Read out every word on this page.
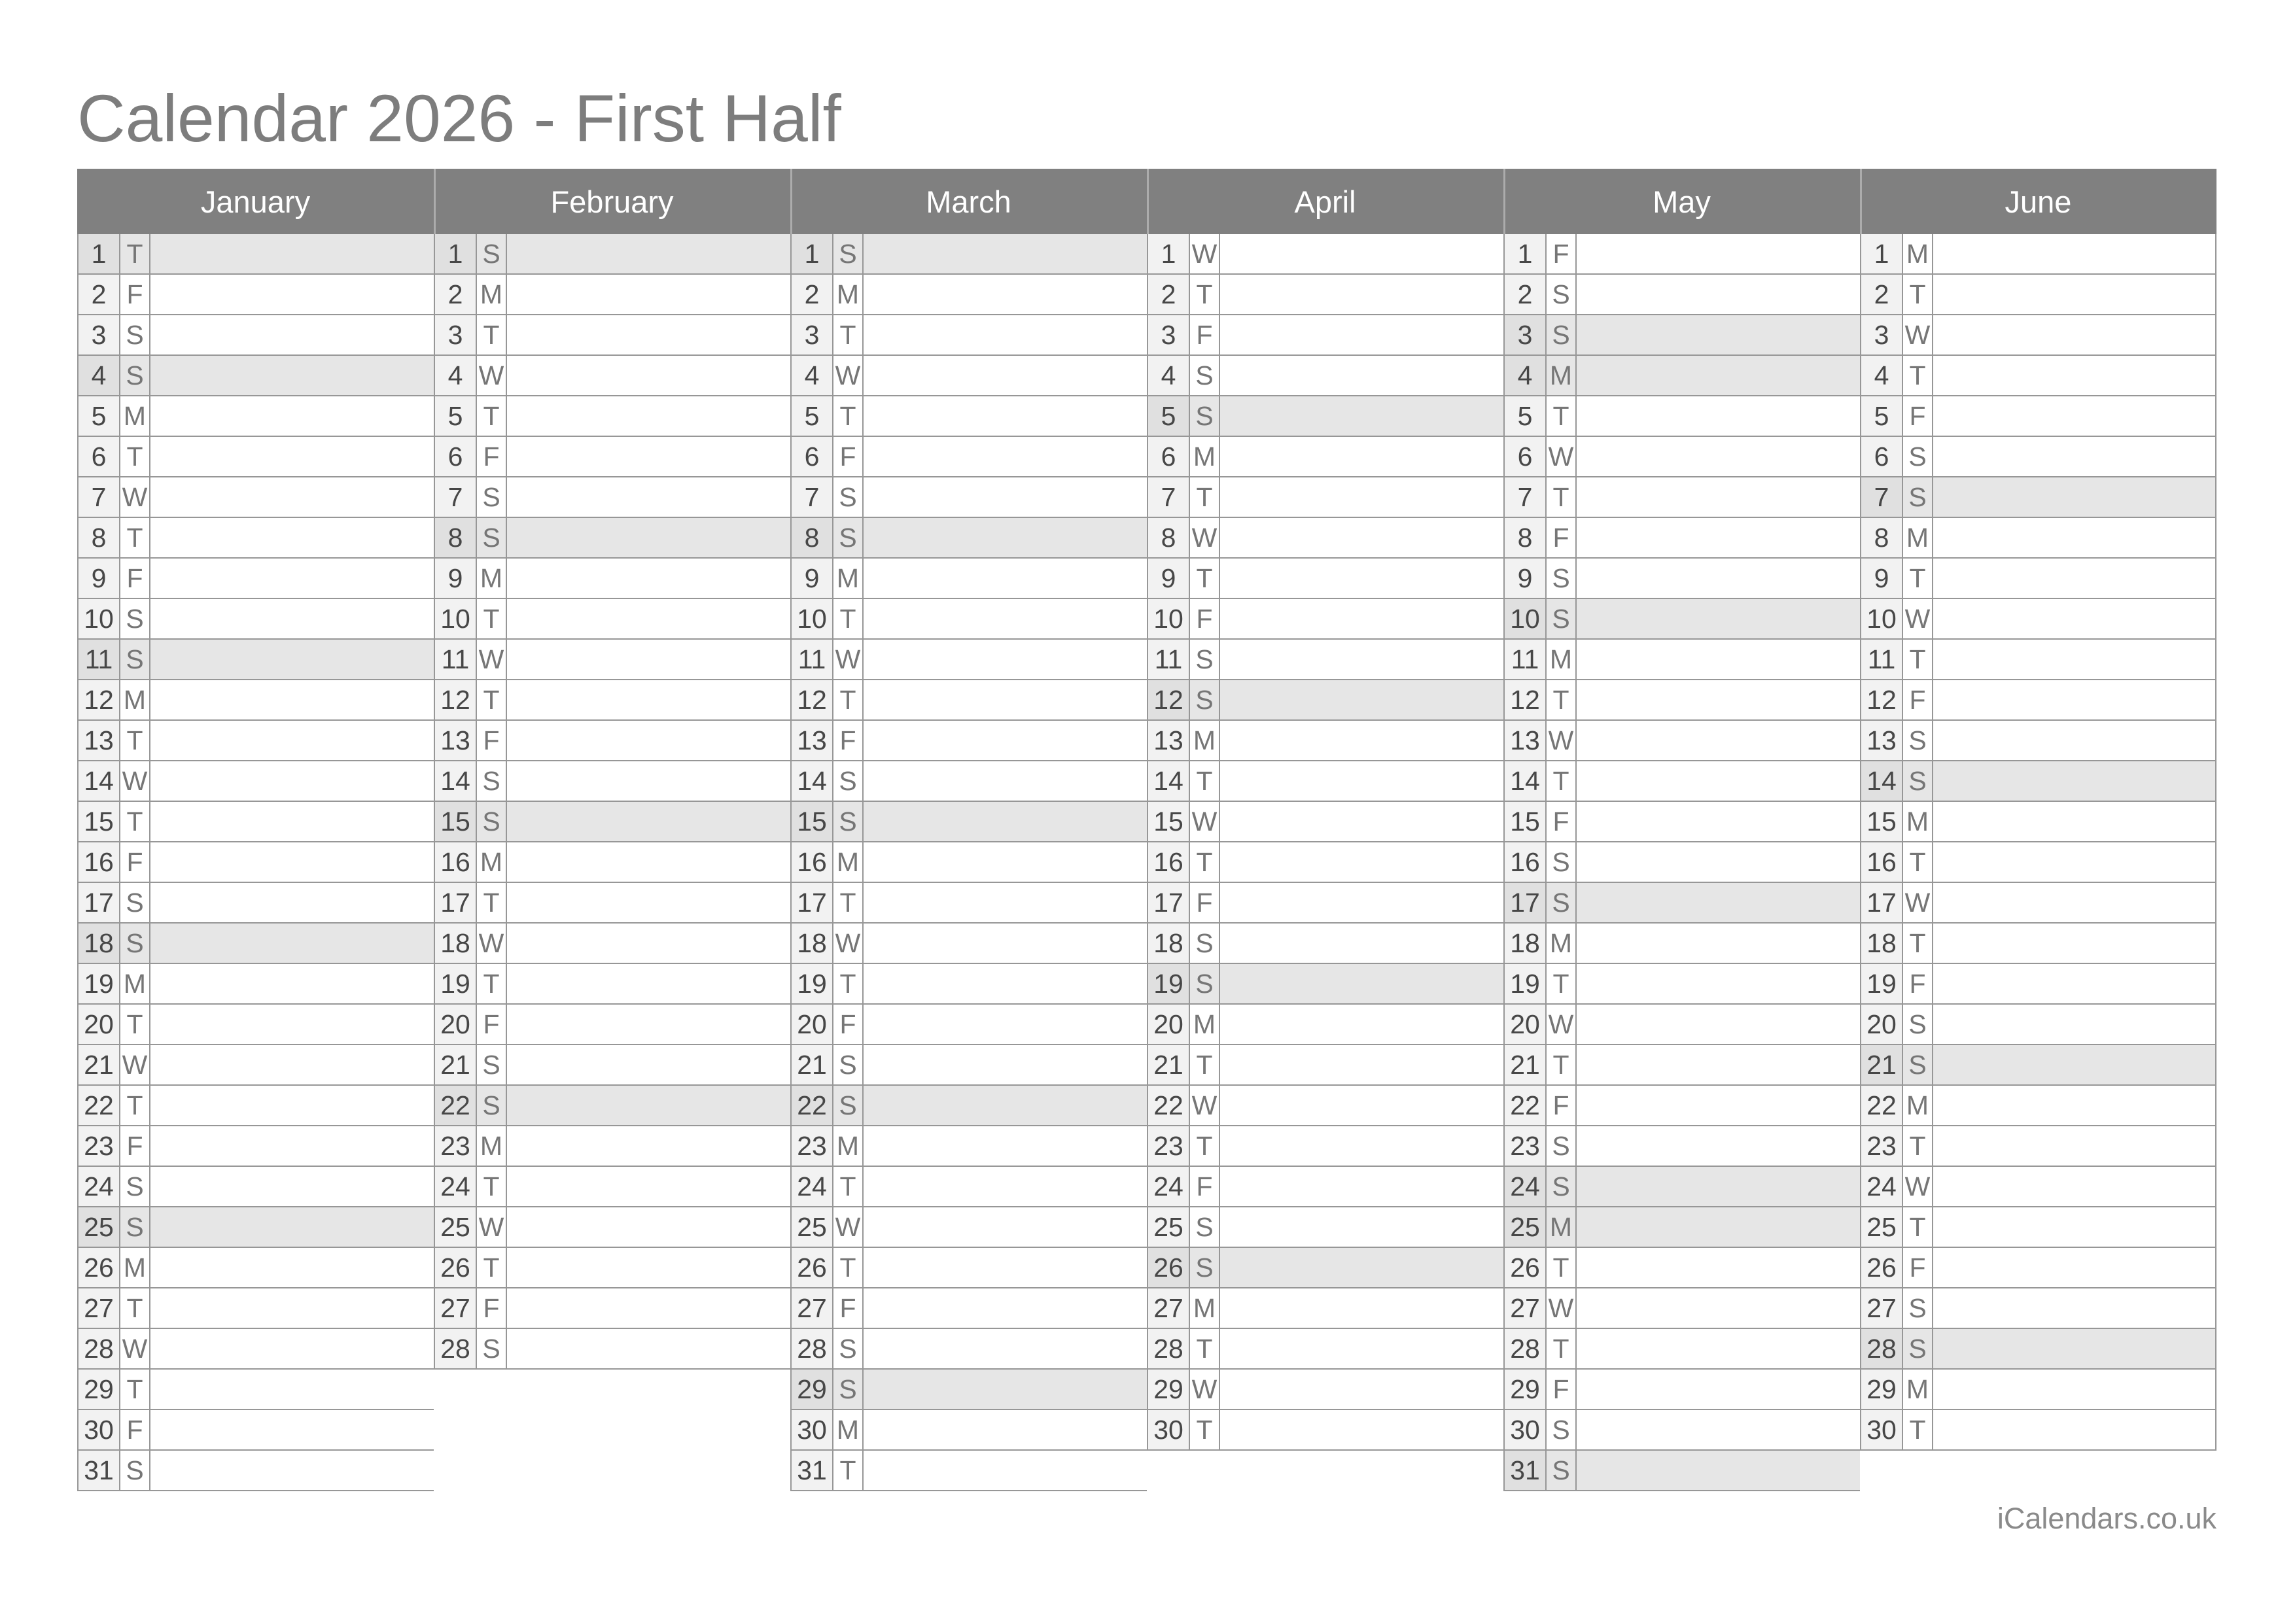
Calendar 2026 - First Half
January
1 T
2 F
3 S
4 S
5 M
6 T
7 W
8 T
9 F
10 S
11 S
12 M
13 T
14 W
15 T
16 F
17 S
18 S
19 M
20 T
21 W
22 T
23 F
24 S
25 S
26 M
27 T
28 W
29 T
30 F
31 S
February
1 S
2 M
3 T
4 W
5 T
6 F
7 S
8 S
9 M
10 T
11 W
12 T
13 F
14 S
15 S
16 M
17 T
18 W
19 T
20 F
21 S
22 S
23 M
24 T
25 W
26 T
27 F
28 S
March
1 S
2 M
3 T
4 W
5 T
6 F
7 S
8 S
9 M
10 T
11 W
12 T
13 F
14 S
15 S
16 M
17 T
18 W
19 T
20 F
21 S
22 S
23 M
24 T
25 W
26 T
27 F
28 S
29 S
30 M
31 T
April
1 W
2 T
3 F
4 S
5 S
6 M
7 T
8 W
9 T
10 F
11 S
12 S
13 M
14 T
15 W
16 T
17 F
18 S
19 S
20 M
21 T
22 W
23 T
24 F
25 S
26 S
27 M
28 T
29 W
30 T
May
1 F
2 S
3 S
4 M
5 T
6 W
7 T
8 F
9 S
10 S
11 M
12 T
13 W
14 T
15 F
16 S
17 S
18 M
19 T
20 W
21 T
22 F
23 S
24 S
25 M
26 T
27 W
28 T
29 F
30 S
31 S
June
1 M
2 T
3 W
4 T
5 F
6 S
7 S
8 M
9 T
10 W
11 T
12 F
13 S
14 S
15 M
16 T
17 W
18 T
19 F
20 S
21 S
22 M
23 T
24 W
25 T
26 F
27 S
28 S
29 M
30 T
iCalendars.co.uk
